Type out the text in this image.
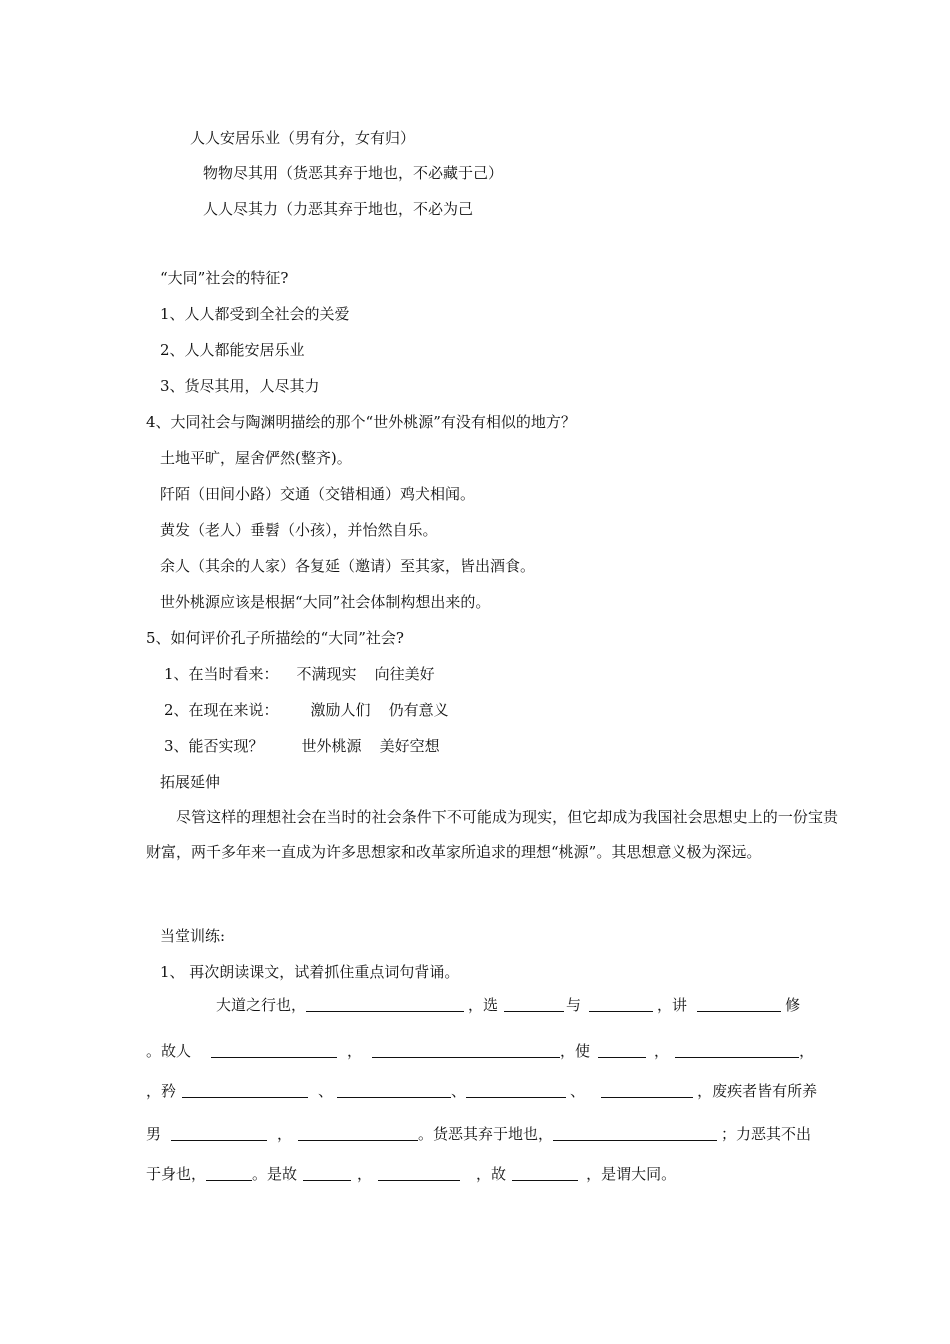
人人安居乐业（男有分，女有归）
物物尽其用（货恶其弃于地也，不必藏于己）
人人尽其力（力恶其弃于地也，不必为己
“大同”社会的特征?
1、人人都受到全社会的关爱
2、人人都能安居乐业
3、货尽其用，人尽其力
4、大同社会与陶渊明描绘的那个“世外桃源”有没有相似的地方？
土地平旷，屋舍俨然(整齐)。
阡陌（田间小路）交通（交错相通）鸡犬相闻。
黄发（老人）垂髫（小孩），并怡然自乐。
余人（其余的人家）各复延（邀请）至其家，皆出酒食。
世外桃源应该是根据“大同”社会体制构想出来的。
5、如何评价孔子所描绘的“大同”社会?
1、在当时看来： 不满现实 向往美好
2、在现在来说： 激励人们 仍有意义
3、能否实现？	世外桃源 美好空想
拓展延伸
尽管这样的理想社会在当时的社会条件下不可能成为现实，但它却成为我国社会思想史上的一份宝贵财富，两千多年来一直成为许多思想家和改革家所追求的理想“桃源”。其思想意义极为深远。
当堂训练:
1、 再次朗读课文，试着抓住重点词句背诵。
大道之行也，	，选	与	，讲	修
。故人	，	，使	，	，
，矜	、	、	、	，废疾者皆有所养
男	，	。货恶其弃于地也，	；力恶其不出
于身也，	。是故	，	，故	，是谓大同。
